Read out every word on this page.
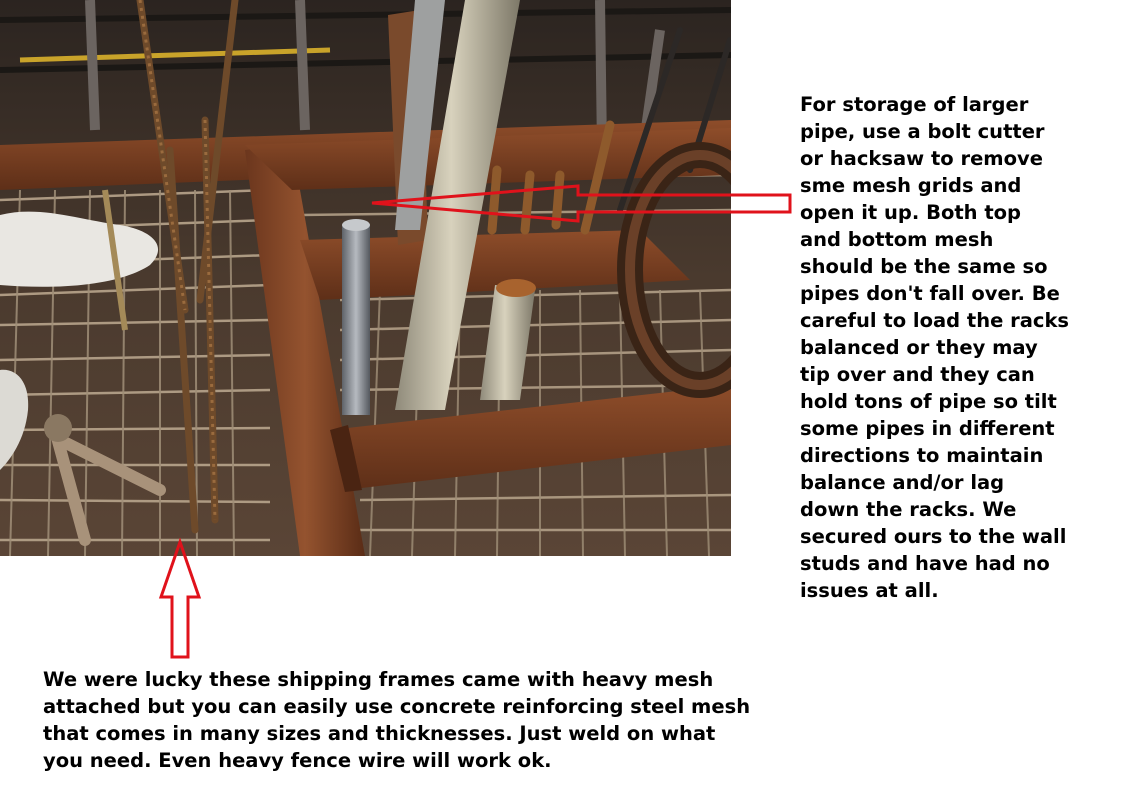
For storage of larger
pipe, use a bolt cutter
or hacksaw to remove
sme mesh grids and
open it up. Both top
and bottom mesh
should be the same so
pipes don't fall over. Be
careful to load the racks
balanced or they may
tip over and they can
hold tons of pipe so tilt
some pipes in different
directions to maintain
balance and/or lag
down the racks. We
secured ours to the wall
studs and have had no
issues at all.
We were lucky these shipping frames came with heavy mesh
attached but you can easily use concrete reinforcing steel mesh
that comes in many sizes and thicknesses. Just weld on what
you need. Even heavy fence wire will work ok.
